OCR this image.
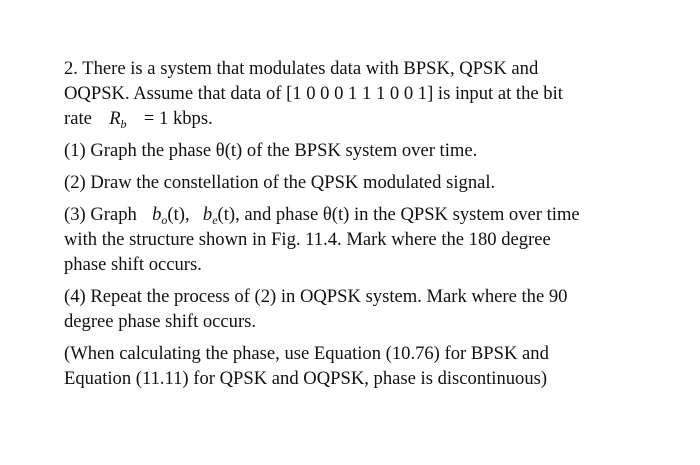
2. There is a system that modulates data with BPSK, QPSK and
OQPSK. Assume that data of [1 0 0 0 1 1 1 0 0 1] is input at the bit
rate $R_b = 1$ kbps.

(1) Graph the phase θ(t) of the BPSK system over time.

(2) Draw the constellation of the QPSK modulated signal.

(3) Graph $b_o(t)$, $b_e(t)$, and phase θ(t) in the QPSK system over time
with the structure shown in Fig. 11.4. Mark where the 180 degree
phase shift occurs.

(4) Repeat the process of (2) in OQPSK system. Mark where the 90
degree phase shift occurs.

(When calculating the phase, use Equation (10.76) for BPSK and
Equation (11.11) for QPSK and OQPSK, phase is discontinuous)
